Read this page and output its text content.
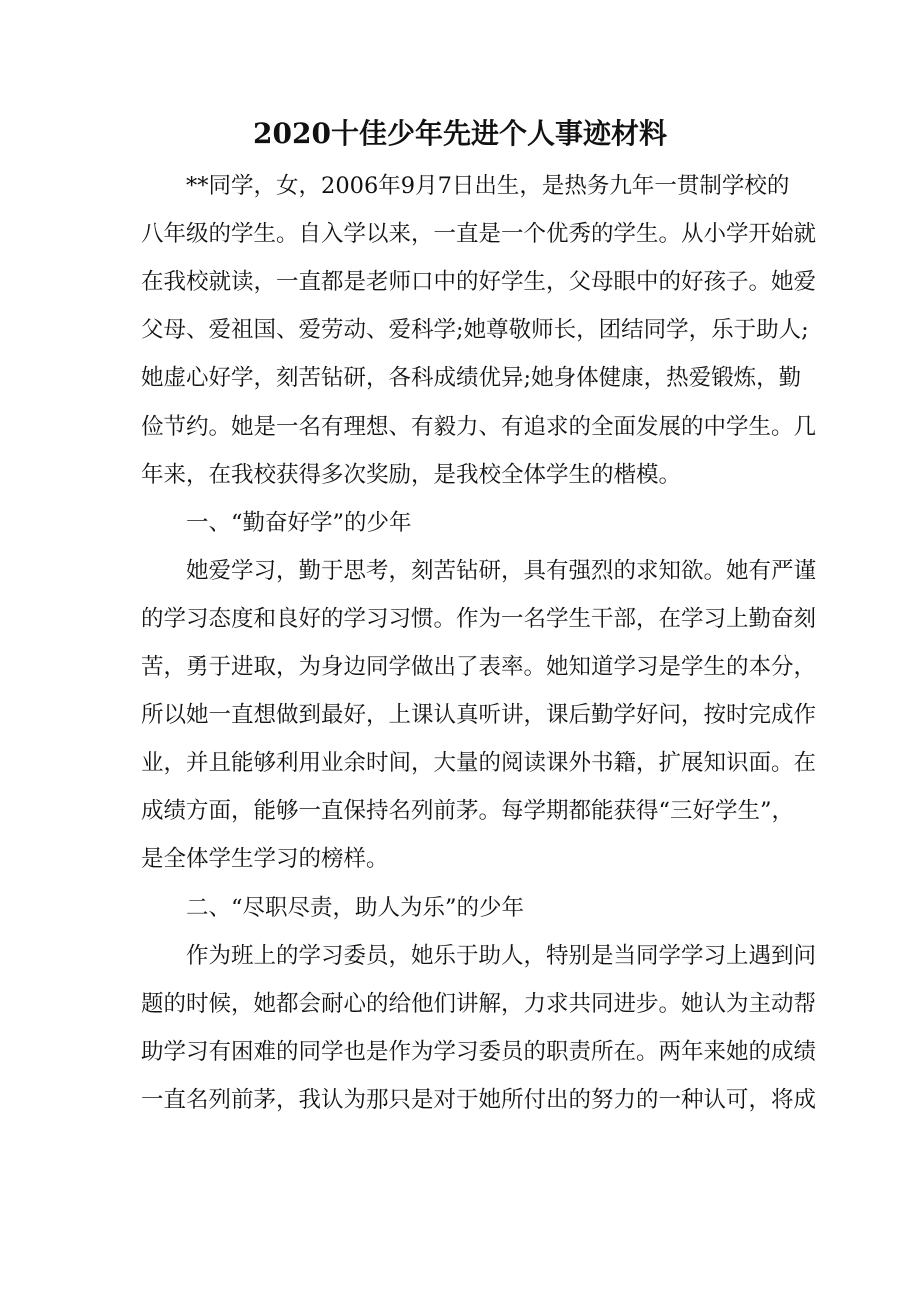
2020十佳少年先进个人事迹材料
**同学，女，2006年9月7日出生，是热务九年一贯制学校的
八年级的学生。自入学以来，一直是一个优秀的学生。从小学开始就
在我校就读，一直都是老师口中的好学生，父母眼中的好孩子。她爱
父母、爱祖国、爱劳动、爱科学;她尊敬师长，团结同学，乐于助人;
她虚心好学，刻苦钻研，各科成绩优异;她身体健康，热爱锻炼，勤
俭节约。她是一名有理想、有毅力、有追求的全面发展的中学生。几
年来，在我校获得多次奖励，是我校全体学生的楷模。
一、“勤奋好学”的少年
她爱学习，勤于思考，刻苦钻研，具有强烈的求知欲。她有严谨
的学习态度和良好的学习习惯。作为一名学生干部，在学习上勤奋刻
苦，勇于进取，为身边同学做出了表率。她知道学习是学生的本分，
所以她一直想做到最好，上课认真听讲，课后勤学好问，按时完成作
业，并且能够利用业余时间，大量的阅读课外书籍，扩展知识面。在
成绩方面，能够一直保持名列前茅。每学期都能获得“三好学生”，
是全体学生学习的榜样。
二、“尽职尽责，助人为乐”的少年
作为班上的学习委员，她乐于助人，特别是当同学学习上遇到问
题的时候，她都会耐心的给他们讲解，力求共同进步。她认为主动帮
助学习有困难的同学也是作为学习委员的职责所在。两年来她的成绩
一直名列前茅，我认为那只是对于她所付出的努力的一种认可，将成
